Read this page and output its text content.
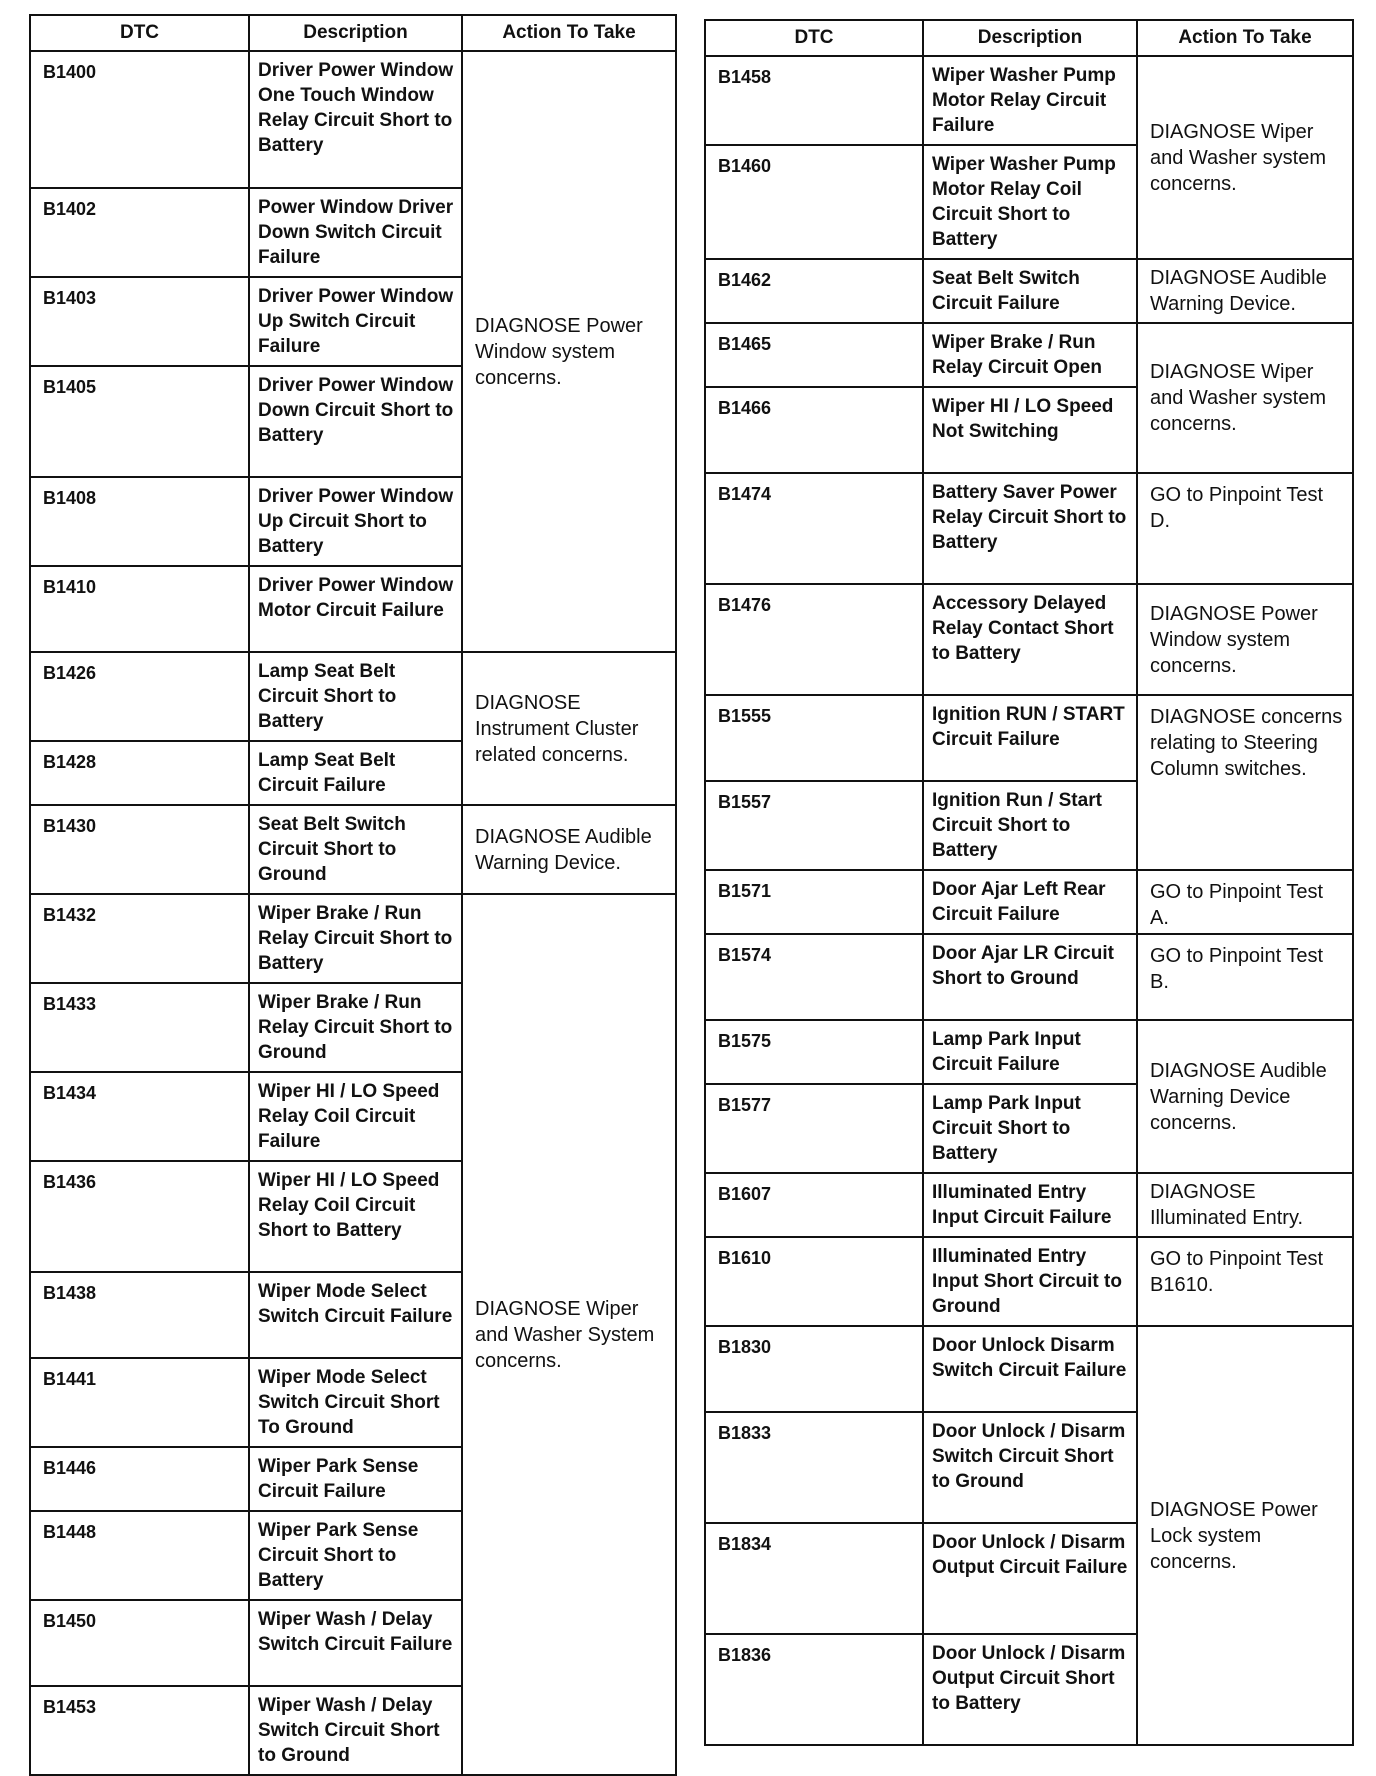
DTC	Description	Action To Take
B1400	Driver Power Window One Touch Window Relay Circuit Short to Battery	DIAGNOSE Power Window system concerns.
B1402	Power Window Driver Down Switch Circuit Failure	
B1403	Driver Power Window Up Switch Circuit Failure	
B1405	Driver Power Window Down Circuit Short to Battery	
B1408	Driver Power Window Up Circuit Short to Battery	
B1410	Driver Power Window Motor Circuit Failure	
B1426	Lamp Seat Belt Circuit Short to Battery	DIAGNOSE Instrument Cluster related concerns.
B1428	Lamp Seat Belt Circuit Failure	
B1430	Seat Belt Switch Circuit Short to Ground	DIAGNOSE Audible Warning Device.
B1432	Wiper Brake / Run Relay Circuit Short to Battery	DIAGNOSE Wiper and Washer System concerns.
B1433	Wiper Brake / Run Relay Circuit Short to Ground	
B1434	Wiper HI / LO Speed Relay Coil Circuit Failure	
B1436	Wiper HI / LO Speed Relay Coil Circuit Short to Battery	
B1438	Wiper Mode Select Switch Circuit Failure	
B1441	Wiper Mode Select Switch Circuit Short To Ground	
B1446	Wiper Park Sense Circuit Failure	
B1448	Wiper Park Sense Circuit Short to Battery	
B1450	Wiper Wash / Delay Switch Circuit Failure	
B1453	Wiper Wash / Delay Switch Circuit Short to Ground	
DTC	Description	Action To Take
B1458	Wiper Washer Pump Motor Relay Circuit Failure	DIAGNOSE Wiper and Washer system concerns.
B1460	Wiper Washer Pump Motor Relay Coil Circuit Short to Battery	
B1462	Seat Belt Switch Circuit Failure	DIAGNOSE Audible Warning Device.
B1465	Wiper Brake / Run Relay Circuit Open	DIAGNOSE Wiper and Washer system concerns.
B1466	Wiper HI / LO Speed Not Switching	
B1474	Battery Saver Power Relay Circuit Short to Battery	GO to Pinpoint Test D.
B1476	Accessory Delayed Relay Contact Short to Battery	DIAGNOSE Power Window system concerns.
B1555	Ignition RUN / START Circuit Failure	DIAGNOSE concerns relating to Steering Column switches.
B1557	Ignition Run / Start Circuit Short to Battery	
B1571	Door Ajar Left Rear Circuit Failure	GO to Pinpoint Test A.
B1574	Door Ajar LR Circuit Short to Ground	GO to Pinpoint Test B.
B1575	Lamp Park Input Circuit Failure	DIAGNOSE Audible Warning Device concerns.
B1577	Lamp Park Input Circuit Short to Battery	
B1607	Illuminated Entry Input Circuit Failure	DIAGNOSE Illuminated Entry.
B1610	Illuminated Entry Input Short Circuit to Ground	GO to Pinpoint Test B1610.
B1830	Door Unlock Disarm Switch Circuit Failure	DIAGNOSE Power Lock system concerns.
B1833	Door Unlock / Disarm Switch Circuit Short to Ground	
B1834	Door Unlock / Disarm Output Circuit Failure	
B1836	Door Unlock / Disarm Output Circuit Short to Battery	
